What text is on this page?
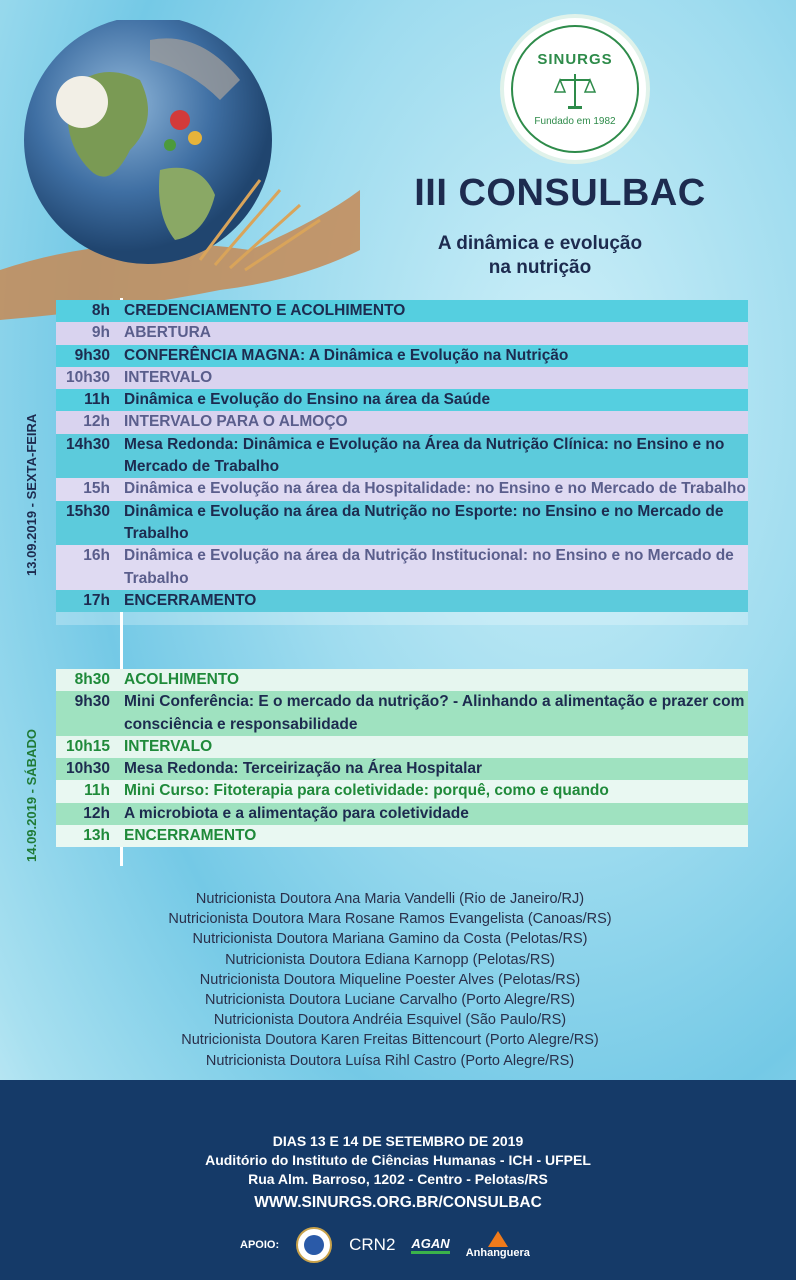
SINURGS
Fundado em 1982
III CONSULBAC
A dinâmica e evolução
na nutrição
13.09.2019 - SEXTA-FEIRA
14.09.2019 - SÁBADO
8h CREDENCIAMENTO E ACOLHIMENTO
9h ABERTURA
9h30 CONFERÊNCIA MAGNA: A Dinâmica e Evolução na Nutrição
10h30 INTERVALO
11h Dinâmica e Evolução do Ensino na área da Saúde
12h INTERVALO PARA O ALMOÇO
14h30 Mesa Redonda: Dinâmica e Evolução na Área da Nutrição Clínica: no Ensino e no Mercado de Trabalho
15h Dinâmica e Evolução na área da Hospitalidade: no Ensino e no Mercado de Trabalho
15h30 Dinâmica e Evolução na área da Nutrição no Esporte: no Ensino e no Mercado de Trabalho
16h Dinâmica e Evolução na área da Nutrição Institucional: no Ensino e no Mercado de Trabalho
17h ENCERRAMENTO
8h30 ACOLHIMENTO
9h30 Mini Conferência: E o mercado da nutrição? - Alinhando a alimentação e prazer com consciência e responsabilidade
10h15 INTERVALO
10h30 Mesa Redonda: Terceirização na Área Hospitalar
11h Mini Curso: Fitoterapia para coletividade: porquê, como e quando
12h A microbiota e a alimentação para coletividade
13h ENCERRAMENTO
Nutricionista Doutora Ana Maria Vandelli (Rio de Janeiro/RJ)
Nutricionista Doutora Mara Rosane Ramos Evangelista (Canoas/RS)
Nutricionista Doutora Mariana Gamino da Costa (Pelotas/RS)
Nutricionista Doutora Ediana Karnopp (Pelotas/RS)
Nutricionista Doutora Miqueline Poester Alves (Pelotas/RS)
Nutricionista Doutora Luciane Carvalho (Porto Alegre/RS)
Nutricionista Doutora Andréia Esquivel (São Paulo/RS)
Nutricionista Doutora Karen Freitas Bittencourt (Porto Alegre/RS)
Nutricionista Doutora Luísa Rihl Castro (Porto Alegre/RS)
DIAS 13 E 14 DE SETEMBRO DE 2019
Auditório do Instituto de Ciências Humanas - ICH - UFPEL
Rua Alm. Barroso, 1202 - Centro - Pelotas/RS
WWW.SINURGS.ORG.BR/CONSULBAC
APOIO:	CRN2 AGAN
Anhanguera
